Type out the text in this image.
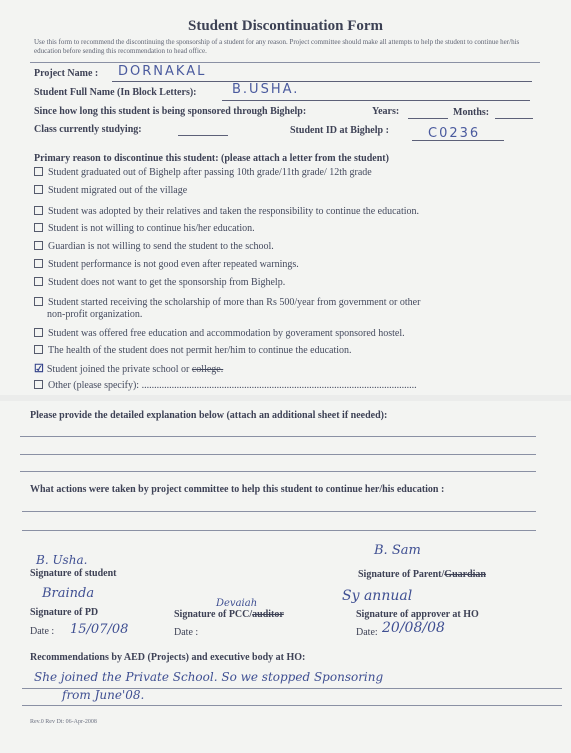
Student Discontinuation Form
Use this form to recommend the discontinuing the sponsorship of a student for any reason. Project committee should make all attempts to help the student to continue her/his education before sending this recommendation to head office.
Project Name : DORNAKAL
Student Full Name (In Block Letters):	B.USHA.
Since how long this student is being sponsored through Bighelp:	Years:	Months:
Class currently studying:	Student ID at Bighelp :	C0236
Primary reason to discontinue this student: (please attach a letter from the student)
Student graduated out of Bighelp after passing 10th grade/11th grade/ 12th grade
Student migrated out of the village
Student was adopted by their relatives and taken the responsibility to continue the education.
Student is not willing to continue his/her education.
Guardian is not willing to send the student to the school.
Student performance is not good even after repeated warnings.
Student does not want to get the sponsorship from Bighelp.
Student started receiving the scholarship of more than Rs 500/year from government or other
non-profit organization.
Student was offered free education and accommodation by goverament sponsored hostel.
The health of the student does not permit her/him to continue the education.
☑ Student joined the private school or college.
Other (please specify): ..............................................................................................................
Please provide the detailed explanation below (attach an additional sheet if needed):
What actions were taken by project committee to help this student to continue her/his education :
B. Usha.
Signature of student
B. Sam
Signature of Parent/Guardian
Brainda
Signature of PD
Date : 15/07/08
Devaiah
Signature of PCC/auditor
Date :
Sy annual
Signature of approver at HO
Date: 20/08/08
Recommendations by AED (Projects) and executive body at HO:
She joined the Private School. So we stopped Sponsoring
from June'08.
Rev.0 Rev Dt: 06-Apr-2008
